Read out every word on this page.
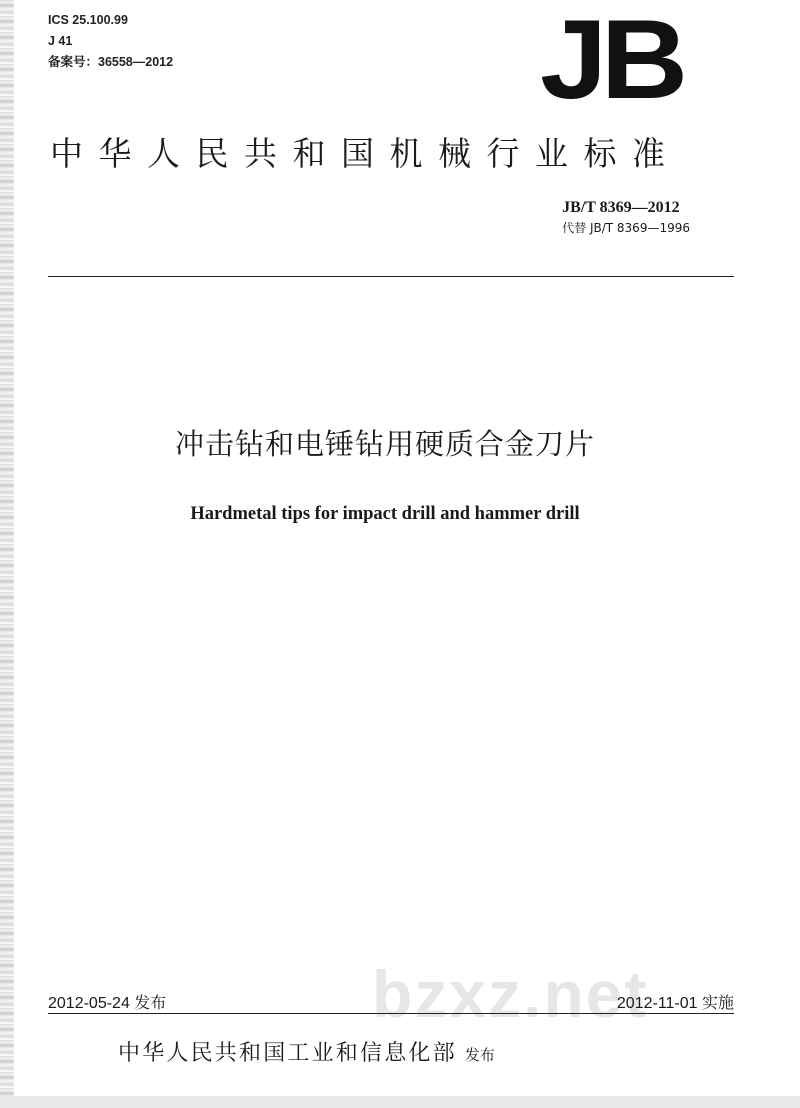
ICS 25.100.99
J 41
备案号：36558—2012	JB
中华人民共和国机械行业标准
JB/T 8369—2012
代替 JB/T 8369—1996
冲击钻和电锤钻用硬质合金刀片
Hardmetal tips for impact drill and hammer drill
bzxz.net
2012-05-24 发布	2012-11-01 实施
中华人民共和国工业和信息化部 发布
